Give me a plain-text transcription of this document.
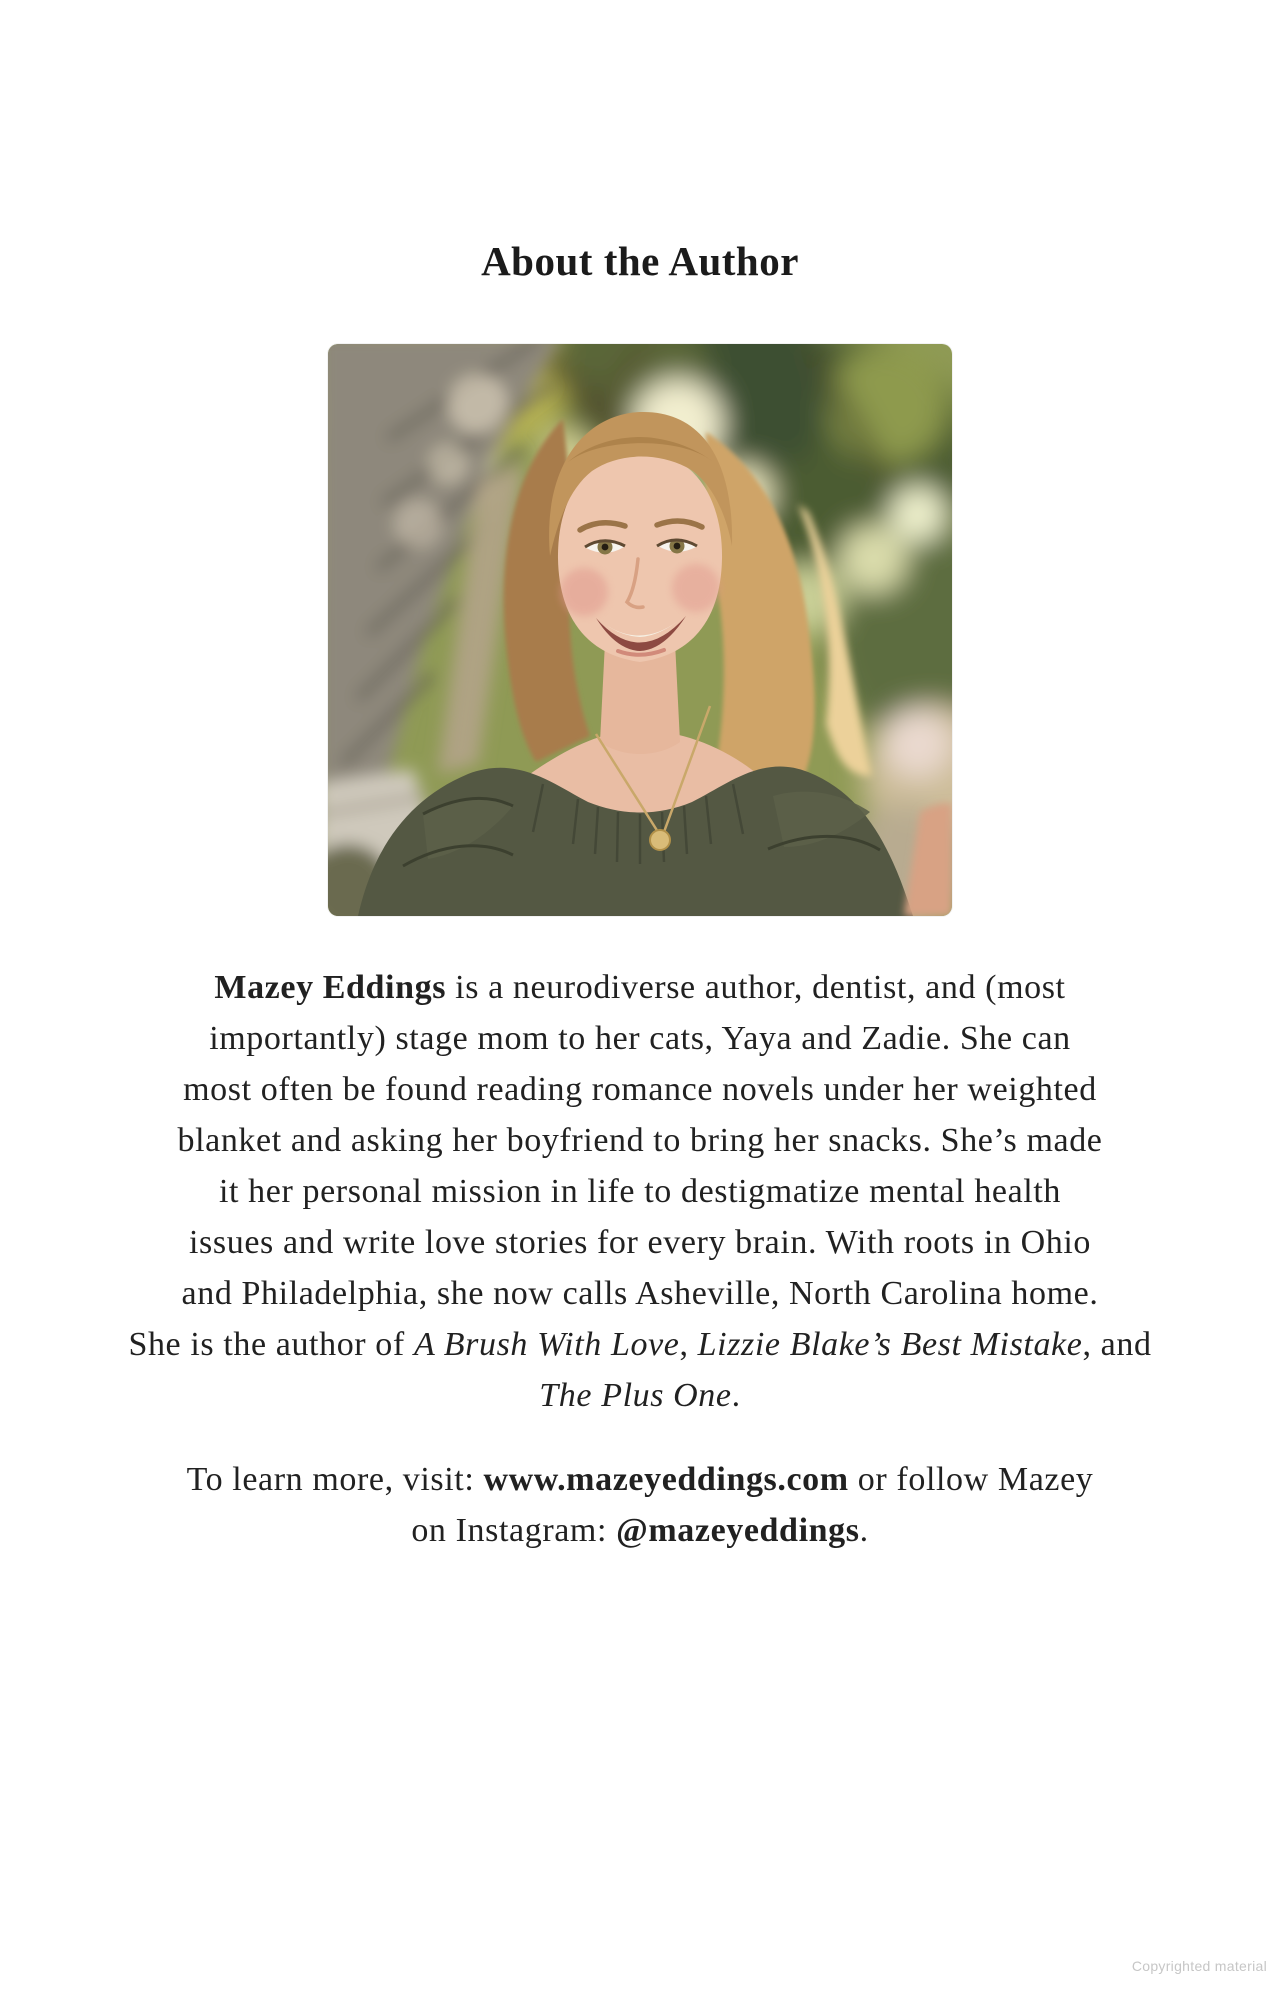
About the Author
Mazey Eddings is a neurodiverse author, dentist, and (most
importantly) stage mom to her cats, Yaya and Zadie. She can
most often be found reading romance novels under her weighted
blanket and asking her boyfriend to bring her snacks. She’s made
it her personal mission in life to destigmatize mental health
issues and write love stories for every brain. With roots in Ohio
and Philadelphia, she now calls Asheville, North Carolina home.
She is the author of A Brush With Love, Lizzie Blake’s Best Mistake, and
The Plus One.
To learn more, visit: www.mazeyeddings.com or follow Mazey
on Instagram: @mazeyeddings.
Copyrighted material
